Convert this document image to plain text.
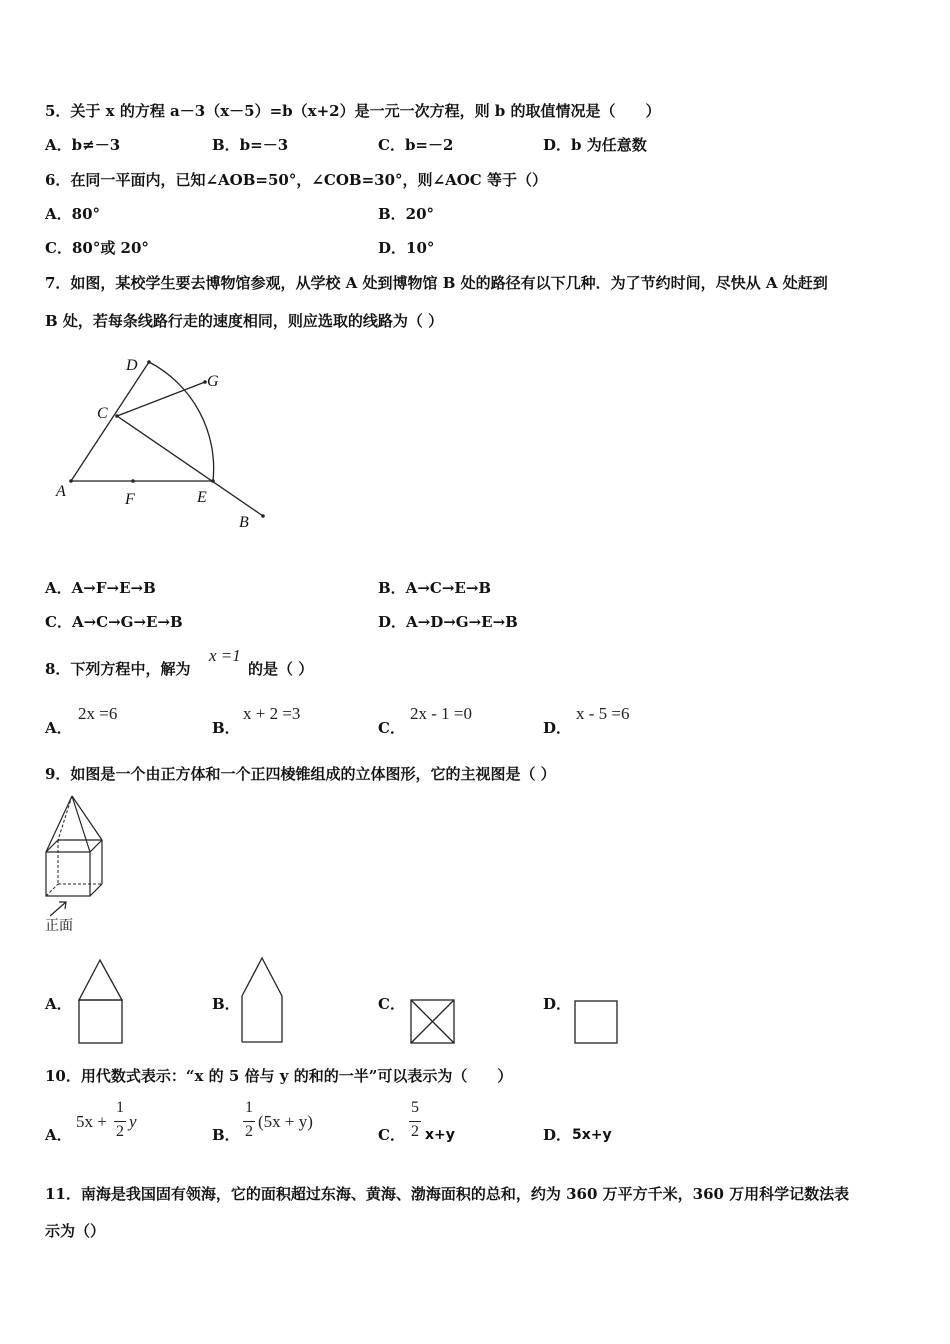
5．关于 x 的方程 a－3（x－5）=b（x+2）是一元一次方程，则 b 的取值情况是（　　）
A．b≠－3	B．b=－3	C．b=－2	D．b 为任意数
6．在同一平面内，已知∠AOB=50°，∠COB=30°，则∠AOC 等于（）
A．80°	B．20°
C．80°或 20°	D．10°
7．如图，某校学生要去博物馆参观，从学校 A 处到博物馆 B 处的路径有以下几种．为了节约时间，尽快从 A 处赶到
B 处，若每条线路行走的速度相同，则应选取的线路为（ ）
D
G
C
A	F	E
B
A．A→F→E→B	B．A→C→E→B
C．A→C→G→E→B	D．A→D→G→E→B
8．下列方程中，解为
x =1
的是（ ）
A．
2x =6
B．
x + 2 =3
C．
2x - 1 =0
D．
x - 5 =6
9．如图是一个由正方体和一个正四棱锥组成的立体图形，它的主视图是（ ）
正面
A．	B．	C．	D．
10．用代数式表示：“x 的 5 倍与 y 的和的一半”可以表示为（　　）
A．
5x +
1
2
y
B．
1
2
(5x + y)
C．
5
2 x+y	D． 5x+y
11．南海是我国固有领海，它的面积超过东海、黄海、渤海面积的总和，约为 360 万平方千米，360 万用科学记数法表
示为（）
